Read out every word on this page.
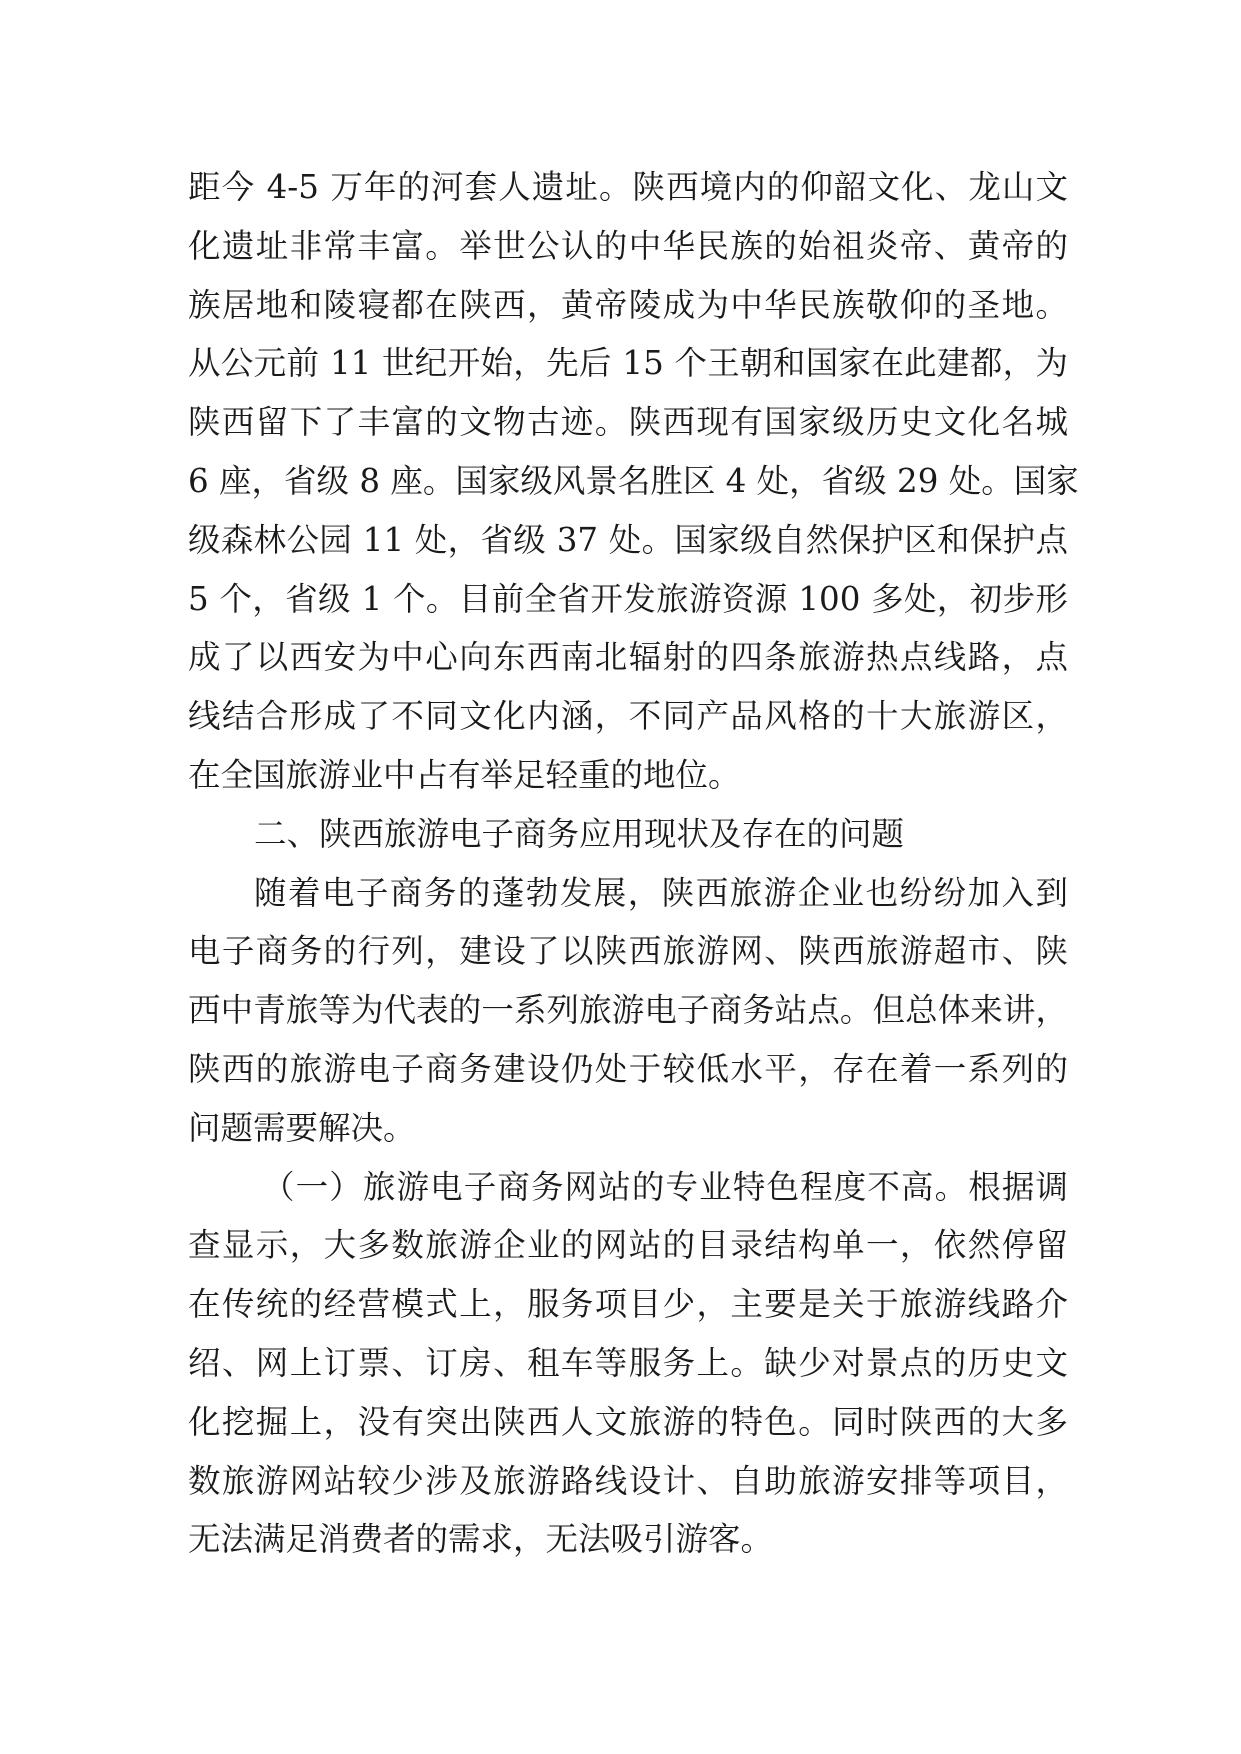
距今 4-5 万年的河套人遗址。陕西境内的仰韶文化、龙山文
化遗址非常丰富。举世公认的中华民族的始祖炎帝、黄帝的
族居地和陵寝都在陕西，黄帝陵成为中华民族敬仰的圣地。
从公元前 11 世纪开始，先后 15 个王朝和国家在此建都，为
陕西留下了丰富的文物古迹。陕西现有国家级历史文化名城
6 座，省级 8 座。国家级风景名胜区 4 处，省级 29 处。国家
级森林公园 11 处，省级 37 处。国家级自然保护区和保护点
5 个，省级 1 个。目前全省开发旅游资源 100 多处，初步形
成了以西安为中心向东西南北辐射的四条旅游热点线路，点
线结合形成了不同文化内涵，不同产品风格的十大旅游区，
在全国旅游业中占有举足轻重的地位。
二、陕西旅游电子商务应用现状及存在的问题
随着电子商务的蓬勃发展，陕西旅游企业也纷纷加入到
电子商务的行列，建设了以陕西旅游网、陕西旅游超市、陕
西中青旅等为代表的一系列旅游电子商务站点。但总体来讲，
陕西的旅游电子商务建设仍处于较低水平，存在着一系列的
问题需要解决。
（一）旅游电子商务网站的专业特色程度不高。根据调
查显示，大多数旅游企业的网站的目录结构单一，依然停留
在传统的经营模式上，服务项目少，主要是关于旅游线路介
绍、网上订票、订房、租车等服务上。缺少对景点的历史文
化挖掘上，没有突出陕西人文旅游的特色。同时陕西的大多
数旅游网站较少涉及旅游路线设计、自助旅游安排等项目，
无法满足消费者的需求，无法吸引游客。
